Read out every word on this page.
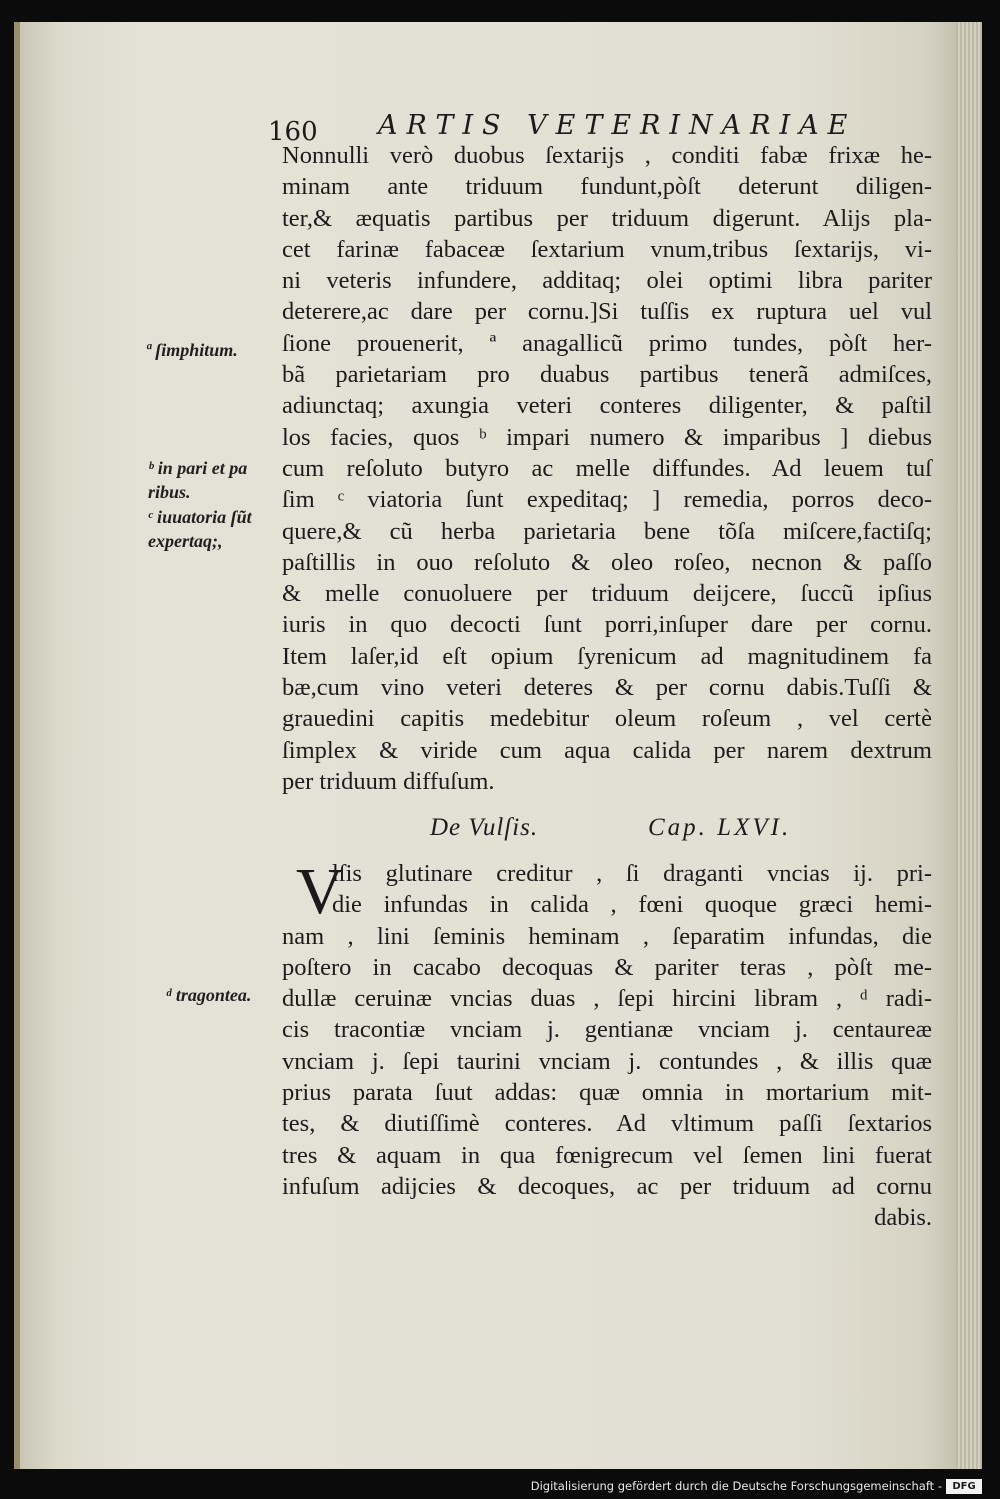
160 ARTIS VETERINARIAE
Nonnulli verò duobus ſextarijs , conditi fabæ frixæ he-
minam ante triduum fundunt,pòſt deterunt diligen-
ter,& æquatis partibus per triduum digerunt. Alijs pla-
cet farinæ fabaceæ ſextarium vnum,tribus ſextarijs, vi-
ni veteris infundere, additaq; olei optimi libra pariter
deterere,ac dare per cornu.]Si tuſſis ex ruptura uel vul
ſione prouenerit, ª anagallicũ primo tundes, pòſt her-
bã parietariam pro duabus partibus tenerã admiſces,
adiunctaq; axungia veteri conteres diligenter, & paſtil
los facies, quos ᵇ impari numero & imparibus ] diebus
cum reſoluto butyro ac melle diffundes. Ad leuem tuſ
ſim ᶜ viatoria ſunt expeditaq; ] remedia, porros deco-
quere,& cũ herba parietaria bene tõſa miſcere,factiſq;
paſtillis in ouo reſoluto & oleo roſeo, necnon & paſſo
& melle conuoluere per triduum deijcere, ſuccũ ipſius
iuris in quo decocti ſunt porri,inſuper dare per cornu.
Item laſer,id eſt opium ſyrenicum ad magnitudinem fa
bæ,cum vino veteri deteres & per cornu dabis.Tuſſi &
grauedini capitis medebitur oleum roſeum , vel certè
ſimplex & viride cum aqua calida per narem dextrum
per triduum diffuſum.
De Vulſis.	Cap. LXVI.
V
lſis glutinare creditur , ſi draganti vncias ij. pri-
die infundas in calida , fœni quoque græci hemi-
nam , lini ſeminis heminam , ſeparatim infundas, die
poſtero in cacabo decoquas & pariter teras , pòſt me-
dullæ ceruinæ vncias duas , ſepi hircini libram , ᵈ radi-
cis tracontiæ vnciam j. gentianæ vnciam j. centaureæ
vnciam j. ſepi taurini vnciam j. contundes , & illis quæ
prius parata ſuut addas: quæ omnia in mortarium mit-
tes, & diutiſſimè conteres. Ad vltimum paſſi ſextarios
tres & aquam in qua fœnigrecum vel ſemen lini fuerat
infuſum adijcies & decoques, ac per triduum ad cornu
dabis.
ª ſimphitum.
ᵇ in pari et pa
ribus.
ᶜ iuuatoria ſũt
expertaq;,
ᵈ tragontea.
Digitalisierung gefördert durch die Deutsche Forschungsgemeinschaft -	DFG
